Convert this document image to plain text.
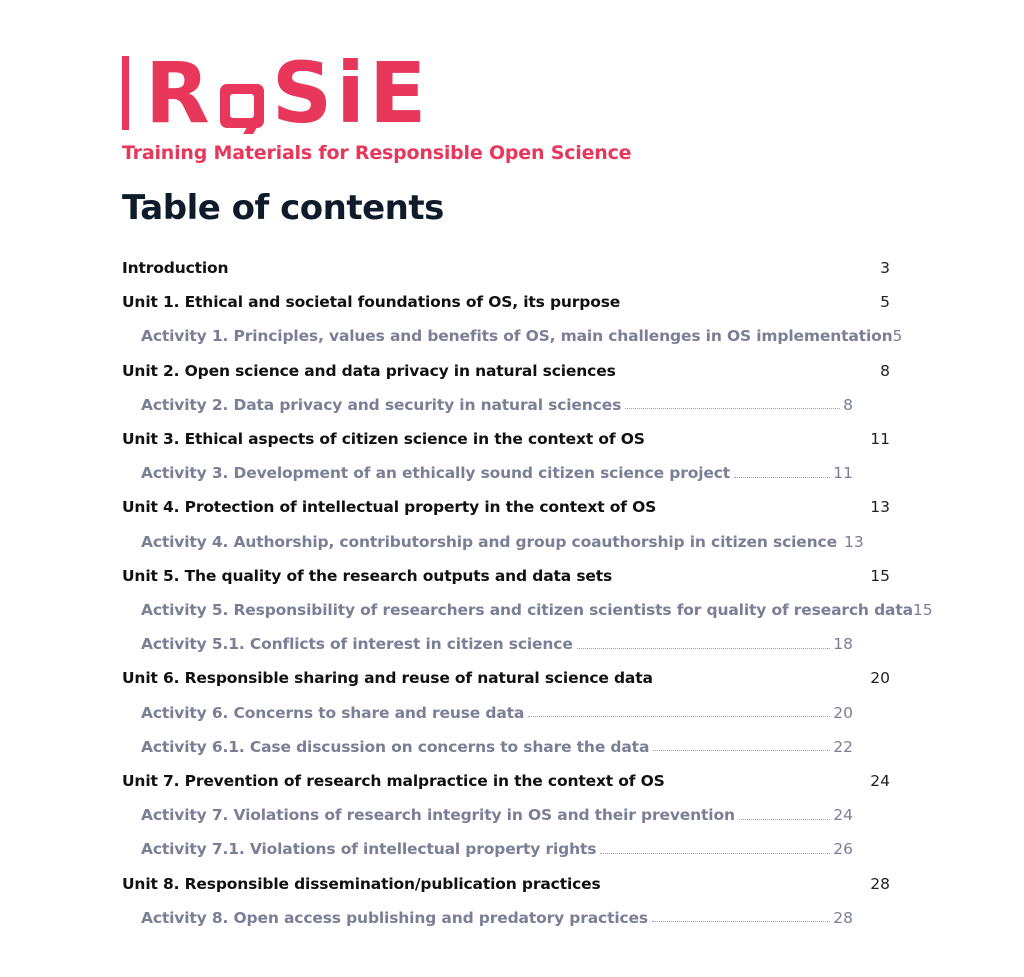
R SiE

Training Materials for Responsible Open Science

Table of contents
Introduction	3
Unit 1. Ethical and societal foundations of OS, its purpose	5
Activity 1. Principles, values and benefits of OS, main challenges in OS implementation 5
Unit 2. Open science and data privacy in natural sciences	8
Activity 2. Data privacy and security in natural sciences	8
Unit 3. Ethical aspects of citizen science in the context of OS	11
Activity 3. Development of an ethically sound citizen science project	11
Unit 4. Protection of intellectual property in the context of OS	13
Activity 4. Authorship, contributorship and group coauthorship in citizen science 13
Unit 5. The quality of the research outputs and data sets	15
Activity 5. Responsibility of researchers and citizen scientists for quality of research data 15
Activity 5.1. Conflicts of interest in citizen science	18
Unit 6. Responsible sharing and reuse of natural science data	20
Activity 6. Concerns to share and reuse data	20
Activity 6.1. Case discussion on concerns to share the data	22
Unit 7. Prevention of research malpractice in the context of OS	24
Activity 7. Violations of research integrity in OS and their prevention	24
Activity 7.1. Violations of intellectual property rights	26
Unit 8. Responsible dissemination/publication practices	28
Activity 8. Open access publishing and predatory practices	28
